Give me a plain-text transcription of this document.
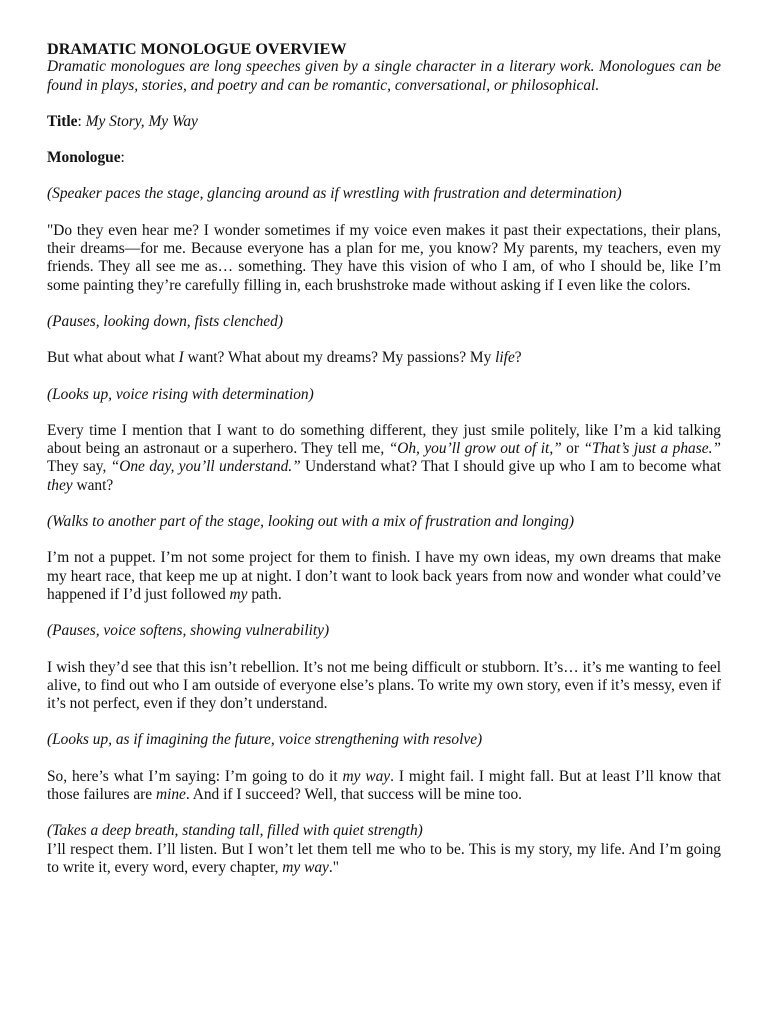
DRAMATIC MONOLOGUE OVERVIEW

Dramatic monologues are long speeches given by a single character in a literary work. Monologues can be found in plays, stories, and poetry and can be romantic, conversational, or philosophical.

Title: My Story, My Way

Monologue:

(Speaker paces the stage, glancing around as if wrestling with frustration and determination)

"Do they even hear me? I wonder sometimes if my voice even makes it past their expectations, their plans, their dreams—for me. Because everyone has a plan for me, you know? My parents, my teachers, even my friends. They all see me as… something. They have this vision of who I am, of who I should be, like I’m some painting they’re carefully filling in, each brushstroke made without asking if I even like the colors.

(Pauses, looking down, fists clenched)

But what about what I want? What about my dreams? My passions? My life?

(Looks up, voice rising with determination)

Every time I mention that I want to do something different, they just smile politely, like I’m a kid talking about being an astronaut or a superhero. They tell me, “Oh, you’ll grow out of it,” or “That’s just a phase.” They say, “One day, you’ll understand.” Understand what? That I should give up who I am to become what they want?

(Walks to another part of the stage, looking out with a mix of frustration and longing)

I’m not a puppet. I’m not some project for them to finish. I have my own ideas, my own dreams that make my heart race, that keep me up at night. I don’t want to look back years from now and wonder what could’ve happened if I’d just followed my path.

(Pauses, voice softens, showing vulnerability)

I wish they’d see that this isn’t rebellion. It’s not me being difficult or stubborn. It’s… it’s me wanting to feel alive, to find out who I am outside of everyone else’s plans. To write my own story, even if it’s messy, even if it’s not perfect, even if they don’t understand.

(Looks up, as if imagining the future, voice strengthening with resolve)

So, here’s what I’m saying: I’m going to do it my way. I might fail. I might fall. But at least I’ll know that those failures are mine. And if I succeed? Well, that success will be mine too.

(Takes a deep breath, standing tall, filled with quiet strength)

I’ll respect them. I’ll listen. But I won’t let them tell me who to be. This is my story, my life. And I’m going to write it, every word, every chapter, my way."
